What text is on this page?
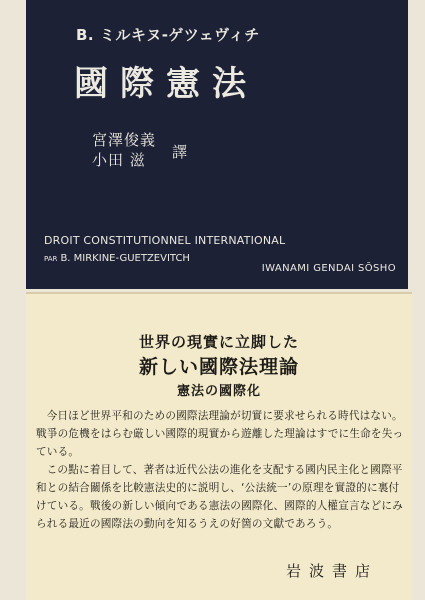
B. ミルキヌ-ゲツェヴィチ
國際憲法
宮澤俊義
小田 滋	譯
DROIT CONSTITUTIONNEL INTERNATIONAL
PAR B. MIRKINE-GUETZEVITCH
IWANAMI GENDAI SŌSHO
世界の現實に立脚した
新しい國際法理論
憲法の國際化

今日ほど世界平和のための國際法理論が切實に要求せられる時代はない。戰爭の危機をはらむ厳しい國際的現實から遊離した理論はすでに生命を失っている。

この點に着目して、著者は近代公法の進化を支配する國内民主化と國際平和との結合關係を比較憲法史的に説明し、‘公法統一’の原理を實證的に裏付けている。戰後の新しい傾向である憲法の國際化、國際的人權宣言などにみられる最近の國際法の動向を知るうえの好箇の文獻であろう。

岩波書店
